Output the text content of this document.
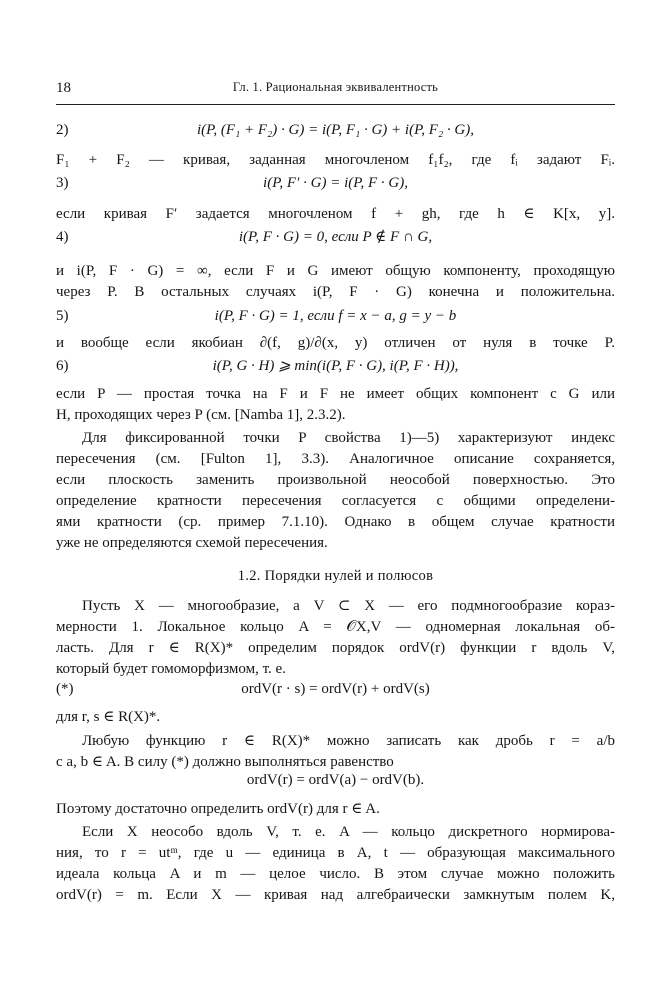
18	Гл. 1. Рациональная эквивалентность
2)	i(P, (F₁ + F₂) · G) = i(P, F₁ · G) + i(P, F₂ · G),
F₁ + F₂ — кривая, заданная многочленом f₁f₂, где fᵢ задают Fᵢ.
3)	i(P, F′ · G) = i(P, F · G),
если кривая F′ задается многочленом f + gh, где h ∈ K[x, y].
4)	i(P, F · G) = 0, если P ∉ F ∩ G,
и i(P, F · G) = ∞, если F и G имеют общую компоненту, проходящую
через P. В остальных случаях i(P, F · G) конечна и положительна.
5)	i(P, F · G) = 1, если f = x − a, g = y − b
и вообще если якобиан ∂(f, g)/∂(x, y) отличен от нуля в точке P.
6)	i(P, G · H) ⩾ min(i(P, F · G), i(P, F · H)),
если P — простая точка на F и F не имеет общих компонент с G или
H, проходящих через P (см. [Namba 1], 2.3.2).
Для фиксированной точки P свойства 1)—5) характеризуют индекс
пересечения (см. [Fulton 1], 3.3). Аналогичное описание сохраняется,
если плоскость заменить произвольной неособой поверхностью. Это
определение кратности пересечения согласуется с общими определени-
ями кратности (ср. пример 7.1.10). Однако в общем случае кратности
уже не определяются схемой пересечения.
1.2. Порядки нулей и полюсов
Пусть X — многообразие, а V ⊂ X — его подмногообразие кораз-
мерности 1. Локальное кольцо A = 𝒪X,V — одномерная локальная об-
ласть. Для r ∈ R(X)* определим порядок ordV(r) функции r вдоль V,
который будет гомоморфизмом, т. е.
(*)	ordV(r · s) = ordV(r) + ordV(s)
для r, s ∈ R(X)*.
Любую функцию r ∈ R(X)* можно записать как дробь r = a/b
с a, b ∈ A. В силу (*) должно выполняться равенство
ordV(r) = ordV(a) − ordV(b).
Поэтому достаточно определить ordV(r) для r ∈ A.
Если X неособо вдоль V, т. е. A — кольцо дискретного нормирова-
ния, то r = utᵐ, где u — единица в A, t — образующая максимального
идеала кольца A и m — целое число. В этом случае можно положить
ordV(r) = m. Если X — кривая над алгебраически замкнутым полем K,
